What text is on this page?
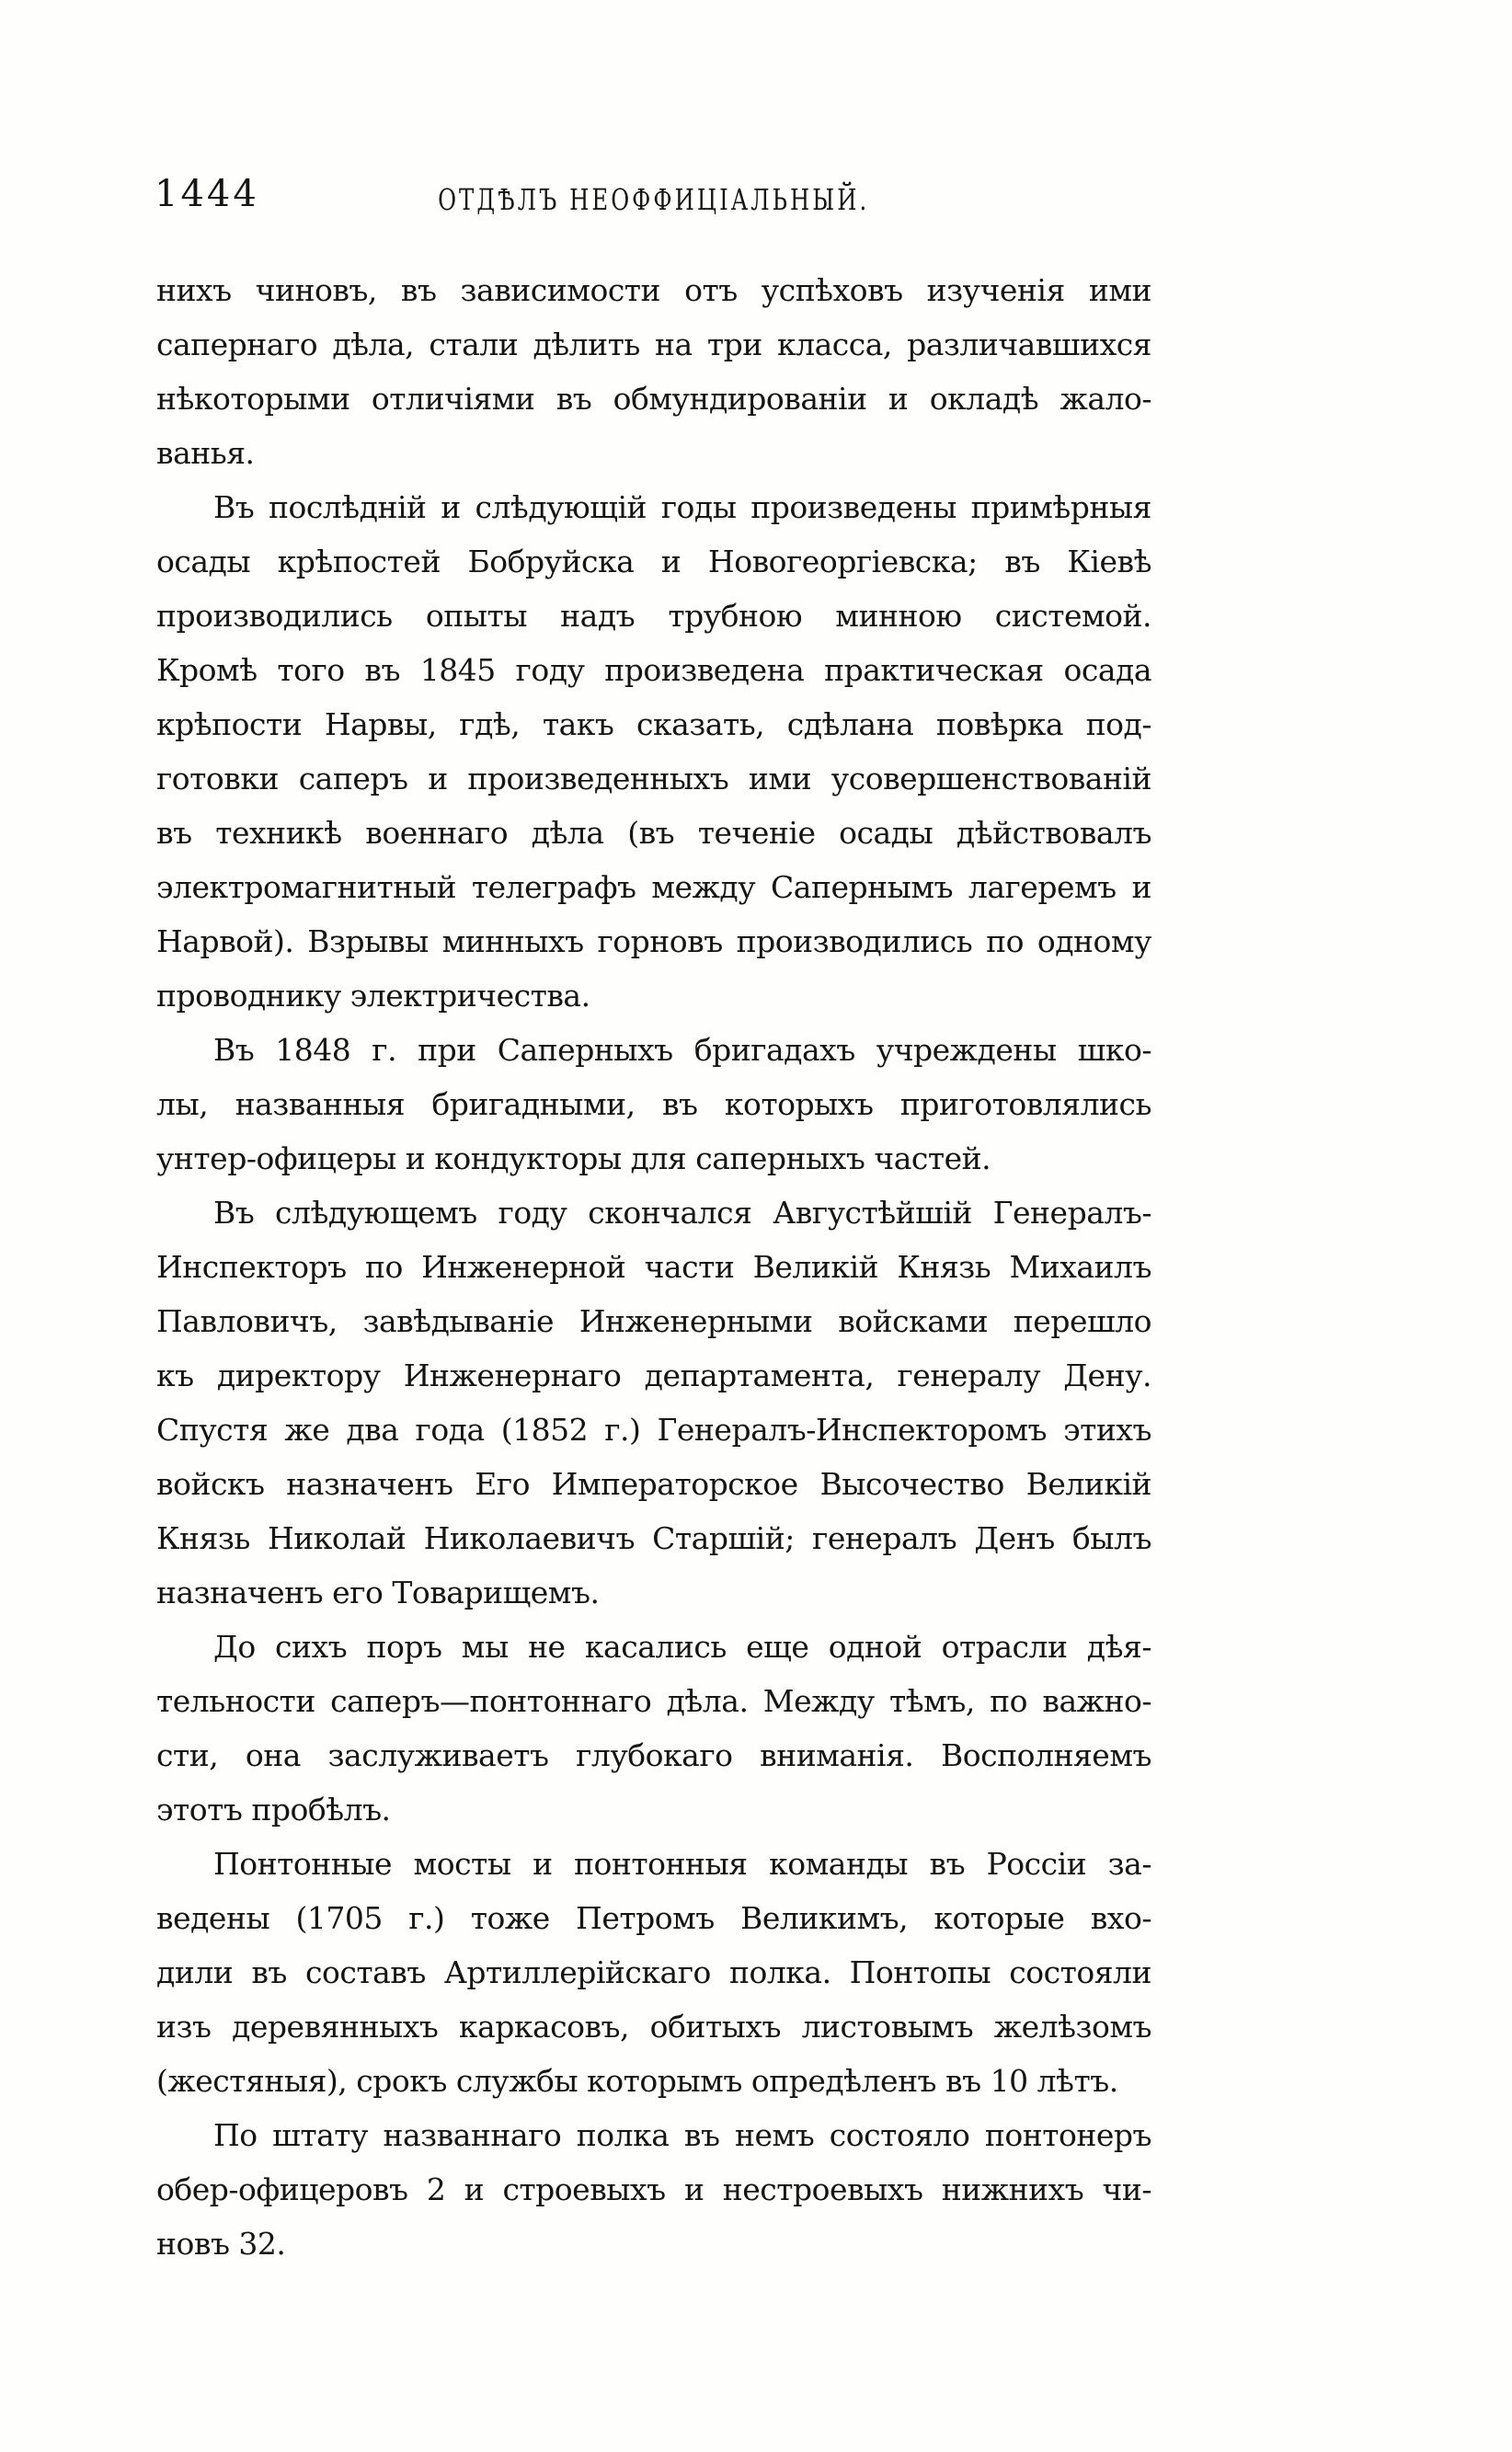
1444	ОТДѢЛЪ НЕОФФИЦІАЛЬНЫЙ.
нихъ чиновъ, въ зависимости отъ успѣховъ изученія ими
сапернаго дѣла, стали дѣлить на три класса, различавшихся
нѣкоторыми отличіями въ обмундированіи и окладѣ жало-
ванья.
Въ послѣдній и слѣдующій годы произведены примѣрныя
осады крѣпостей Бобруйска и Новогеоргіевска; въ Кіевѣ
производились опыты надъ трубною минною системой.
Кромѣ того въ 1845 году произведена практическая осада
крѣпости Нарвы, гдѣ, такъ сказать, сдѣлана повѣрка под-
готовки саперъ и произведенныхъ ими усовершенствованій
въ техникѣ военнаго дѣла (въ теченіе осады дѣйствовалъ
электромагнитный телеграфъ между Сапернымъ лагеремъ и
Нарвой). Взрывы минныхъ горновъ производились по одному
проводнику электричества.
Въ 1848 г. при Саперныхъ бригадахъ учреждены шко-
лы, названныя бригадными, въ которыхъ приготовлялись
унтер-офицеры и кондукторы для саперныхъ частей.
Въ слѣдующемъ году скончался Августѣйшій Генералъ-
Инспекторъ по Инженерной части Великій Князь Михаилъ
Павловичъ, завѣдываніе Инженерными войсками перешло
къ директору Инженернаго департамента, генералу Дену.
Спустя же два года (1852 г.) Генералъ-Инспекторомъ этихъ
войскъ назначенъ Его Императорское Высочество Великій
Князь Николай Николаевичъ Старшій; генералъ Денъ былъ
назначенъ его Товарищемъ.
До сихъ поръ мы не касались еще одной отрасли дѣя-
тельности саперъ—понтоннаго дѣла. Между тѣмъ, по важно-
сти, она заслуживаетъ глубокаго вниманія. Восполняемъ
этотъ пробѣлъ.
Понтонные мосты и понтонныя команды въ Россіи за-
ведены (1705 г.) тоже Петромъ Великимъ, которые вхо-
дили въ составъ Артиллерійскаго полка. Понтопы состояли
изъ деревянныхъ каркасовъ, обитыхъ листовымъ желѣзомъ
(жестяныя), срокъ службы которымъ опредѣленъ въ 10 лѣтъ.
По штату названнаго полка въ немъ состояло понтонеръ
обер-офицеровъ 2 и строевыхъ и нестроевыхъ нижнихъ чи-
новъ 32.
